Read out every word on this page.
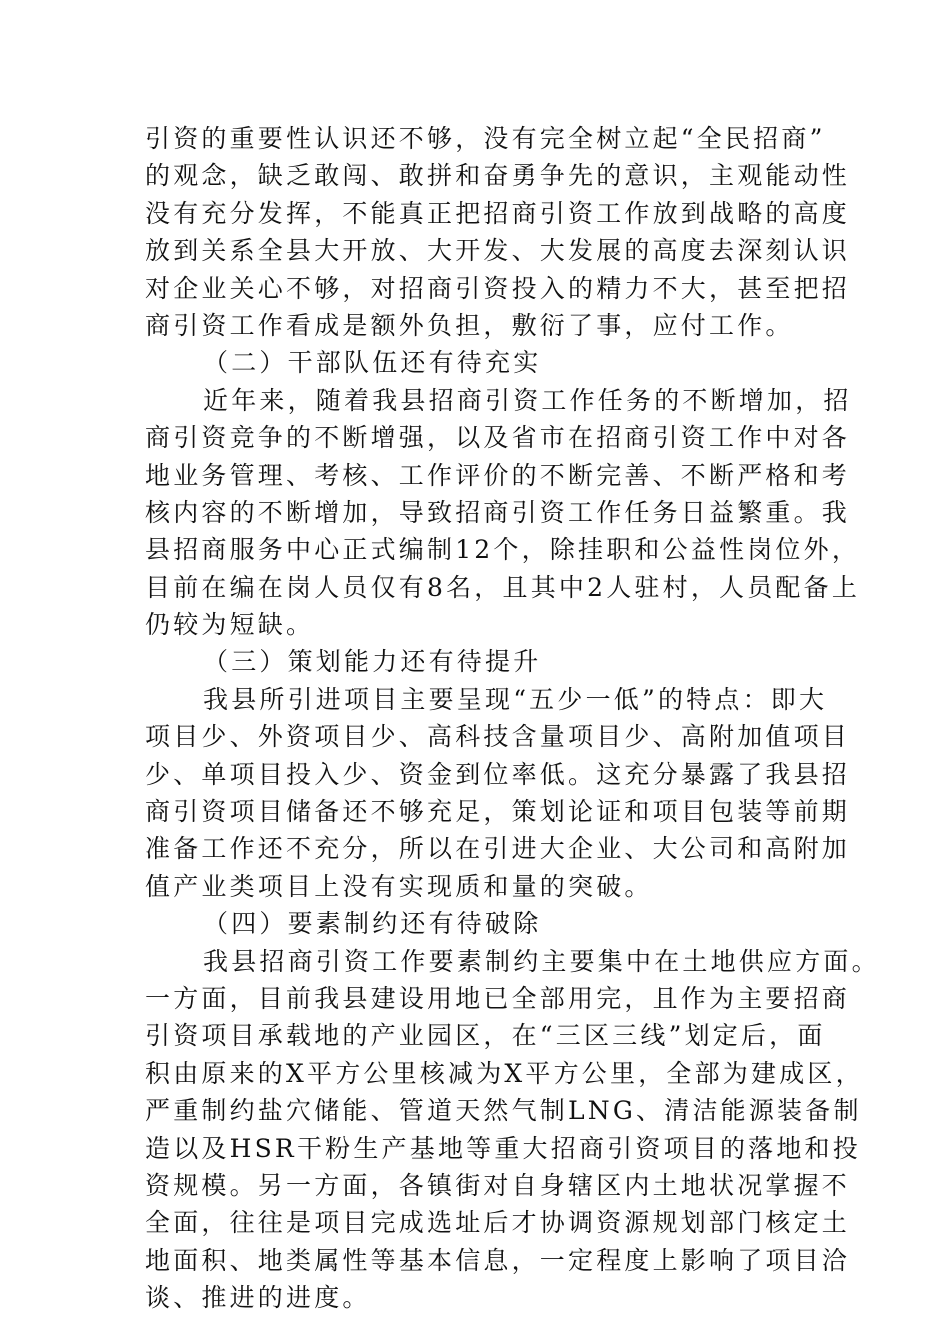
引资的重要性认识还不够，没有完全树立起“全民招商”
的观念，缺乏敢闯、敢拼和奋勇争先的意识，主观能动性
没有充分发挥，不能真正把招商引资工作放到战略的高度
放到关系全县大开放、大开发、大发展的高度去深刻认识
对企业关心不够，对招商引资投入的精力不大，甚至把招
商引资工作看成是额外负担，敷衍了事，应付工作。
（二）干部队伍还有待充实
近年来，随着我县招商引资工作任务的不断增加，招
商引资竞争的不断增强，以及省市在招商引资工作中对各
地业务管理、考核、工作评价的不断完善、不断严格和考
核内容的不断增加，导致招商引资工作任务日益繁重。我
县招商服务中心正式编制12个，除挂职和公益性岗位外，
目前在编在岗人员仅有8名，且其中2人驻村，人员配备上
仍较为短缺。
（三）策划能力还有待提升
我县所引进项目主要呈现“五少一低”的特点：即大
项目少、外资项目少、高科技含量项目少、高附加值项目
少、单项目投入少、资金到位率低。这充分暴露了我县招
商引资项目储备还不够充足，策划论证和项目包装等前期
准备工作还不充分，所以在引进大企业、大公司和高附加
值产业类项目上没有实现质和量的突破。
（四）要素制约还有待破除
我县招商引资工作要素制约主要集中在土地供应方面。
一方面，目前我县建设用地已全部用完，且作为主要招商
引资项目承载地的产业园区，在“三区三线”划定后，面
积由原来的X平方公里核减为X平方公里，全部为建成区，
严重制约盐穴储能、管道天然气制LNG、清洁能源装备制
造以及HSR干粉生产基地等重大招商引资项目的落地和投
资规模。另一方面，各镇街对自身辖区内土地状况掌握不
全面，往往是项目完成选址后才协调资源规划部门核定土
地面积、地类属性等基本信息，一定程度上影响了项目洽
谈、推进的进度。
